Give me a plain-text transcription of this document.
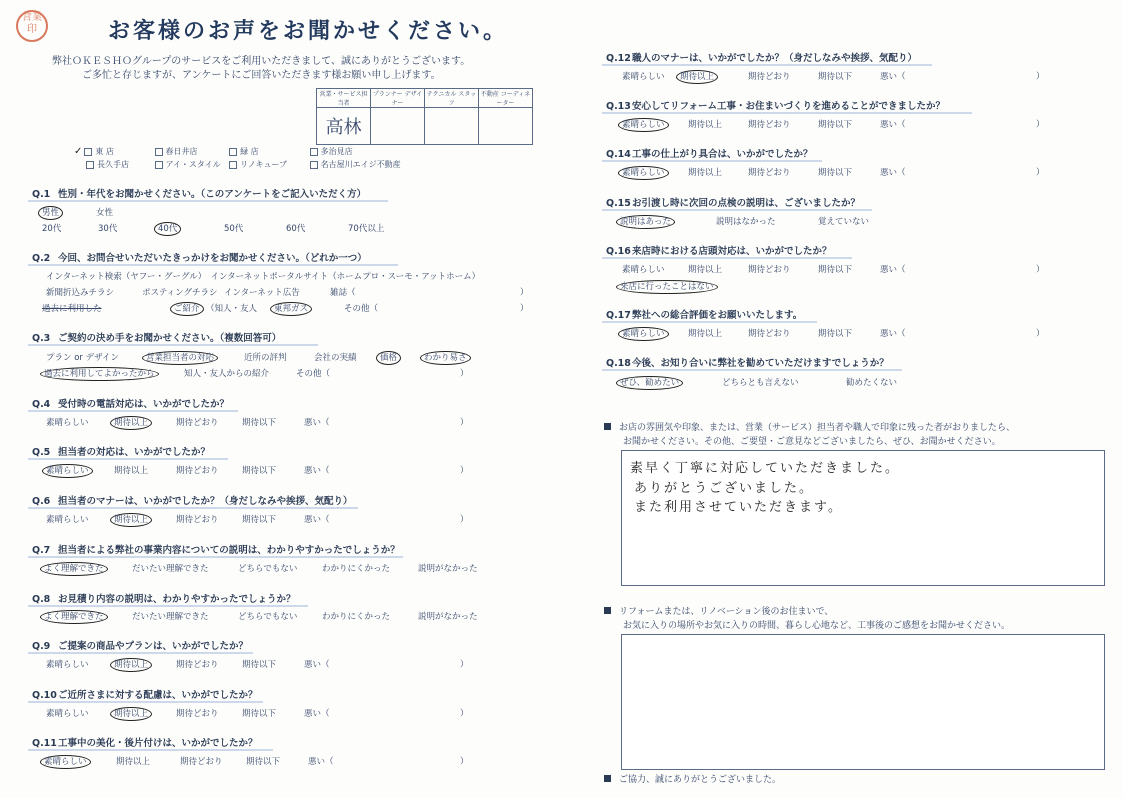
営業
印	お客様のお声をお聞かせください。
弊社ＯＫＥＳＨＯグループのサービスをご利用いただきまして、誠にありがとうございます。
ご多忙と存じますが、アンケートにご回答いただきます様お願い申し上げます。
営業・サービス担当者	プランナー デザイナー	テクニカル スタッフ	不動産 コーディネーター
高林			
✓ 東 店	春日井店	緑 店	多治見店
長久手店	アイ・スタイル リノキューブ	名古屋川エイジ不動産
Q.1 性別・年代をお聞かせください。（このアンケートをご記入いただく方）
男性	女性
20代	30代	40代	50代	60代	70代以上
Q.2 今回、お問合せいただいたきっかけをお聞かせください。（どれか一つ）
インターネット検索（ヤフー・グーグル）　インターネットポータルサイト（ホームプロ・スーモ・アットホーム）
新聞折込みチラシ	ポスティングチラシ インターネット広告	雑誌（	）
過去に利用した	ご紹介 （知人・友人 東邦ガス	その他（	）
Q.3 ご契約の決め手をお聞かせください。（複数回答可）
プラン or デザイン	営業担当者の対応	近所の評判	会社の実績	価格	わかり易さ
過去に利用してよかったから	知人・友人からの紹介	その他（	）
Q.4 受付時の電話対応は、いかがでしたか？
素晴らしい	期待以上	期待どおり	期待以下	悪い（	）
Q.5 担当者の対応は、いかがでしたか？
素晴らしい	期待以上	期待どおり	期待以下	悪い（	）
Q.6 担当者のマナーは、いかがでしたか？（身だしなみや挨拶、気配り）
素晴らしい	期待以上	期待どおり	期待以下	悪い（	）
Q.7 担当者による弊社の事業内容についての説明は、わかりやすかったでしょうか？
よく理解できた	だいたい理解できた	どちらでもない	わかりにくかった	説明がなかった
Q.8 お見積り内容の説明は、わかりやすかったでしょうか？
よく理解できた	だいたい理解できた	どちらでもない	わかりにくかった	説明がなかった
Q.9 ご提案の商品やプランは、いかがでしたか？
素晴らしい	期待以上	期待どおり	期待以下	悪い（	）
Q.10ご近所さまに対する配慮は、いかがでしたか？
素晴らしい	期待以上	期待どおり	期待以下	悪い（	）
Q.11工事中の美化・後片付けは、いかがでしたか？
素晴らしい	期待以上	期待どおり	期待以下	悪い（	）
Q.12職人のマナーは、いかがでしたか？（身だしなみや挨拶、気配り）
素晴らしい 期待以上	期待どおり	期待以下	悪い（	）
Q.13安心してリフォーム工事・お住まいづくりを進めることができましたか？
素晴らしい	期待以上	期待どおり	期待以下	悪い（	）
Q.14工事の仕上がり具合は、いかがでしたか？
素晴らしい	期待以上	期待どおり	期待以下	悪い（	）
Q.15お引渡し時に次回の点検の説明は、ございましたか？
説明はあった	説明はなかった	覚えていない
Q.16来店時における店頭対応は、いかがでしたか？
素晴らしい	期待以上	期待どおり	期待以下	悪い（	）
来店に行ったことはない
Q.17弊社への総合評価をお願いいたします。
素晴らしい	期待以上	期待どおり	期待以下	悪い（	）
Q.18今後、お知り合いに弊社を勧めていただけますでしょうか？
ぜひ、勧めたい	どちらとも言えない	勧めたくない
お店の雰囲気や印象、または、営業（サービス）担当者や職人で印象に残った者がおりましたら、
お聞かせください。その他、ご要望・ご意見などございましたら、ぜひ、お聞かせください。
素早く丁寧に対応していただきました。
ありがとうございました。
また利用させていただきます。
リフォームまたは、リノベーション後のお住まいで、
お気に入りの場所やお気に入りの時間、暮らし心地など、工事後のご感想をお聞かせください。
ご協力、誠にありがとうございました。
